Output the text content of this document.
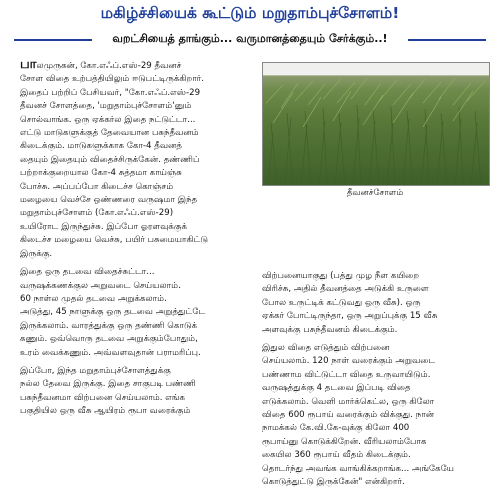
மகிழ்ச்சியைக் கூட்டும் மறுதாம்புச்சோளம்!
வறட்சியைத் தாங்கும்... வருமானத்தையும் சேர்க்கும்..!

பாலமுருகன், கோ.எஃப்.எஸ்-29 தீவனச்
சோள விதை உற்பத்தியிலும் ஈடுபட்டிருக்கிறார்.
இதைப் பற்றிப் பேசியவர், "கோ.எஃப்.எஸ்-29
தீவனச் சோளத்தை, 'மறுதாம்புச்சோளம்'னும்
சொல்வாங்க. ஒரு ஏக்கர்ல இதை நட்டுட்டா...
எட்டு மாடுகளுக்குத் தேவையான பசுந்தீவனம்
கிடைக்கும். மாடுகளுக்காக கோ-4 தீவனத்
தையும் இதையும் விதைச்சிருக்கேன். தண்ணிப்
பற்றாக்குறையால கோ-4 சுத்தமா காய்ஞ்சு
போச்சு. அப்பப்போ கிடைச்ச கொஞ்சம்
மழையை வெச்சே ஒண்ணரை வருஷமா இந்த
மறுதாம்புச்சோளம் (கோ.எஃப்.எஸ்-29)
உயிரோட இருந்துச்சு. இப்போ ஓரளவுக்குக்
கிடைச்ச மழையை வெச்சு, பயிர் பசுமையாகிட்டு
இருக்கு.

இதை ஒரு தடவை விதைச்சுட்டா...
வருஷக்கணக்குல அறுவடை செய்யலாம்.
60 நாள்ல முதல் தடவை அறுக்கலாம்.
அடுத்து, 45 நாளுக்கு ஒரு தடவை அறுத்துட்டே
இருக்கலாம். வாரத்துக்கு ஒரு தண்ணி கொடுக்
கணும். ஒவ்வொரு தடவை அறுக்கும்போதும்,
உரம் வைக்கணும். அவ்வளவுதான் பராமரிப்பு.

இப்போ, இந்த மறுதாம்புச்சோளத்துக்கு
நல்ல தேவை இருக்கு. இதை சாகுபடி பண்ணி
பசுந்தீவனமா விற்பனை செய்யலாம். எங்க
பகுதியில ஒரு வீசு ஆயிரம் ரூபா வரைக்கும்

தீவனச்சோளம்

விற்பனையாகுது (பத்து முழ நீள கயிறை
விரிச்சு, அதில் தீவனத்தை அடுக்கி உருளை
போல உருட்டிக் கட்டுவது ஒரு வீசு). ஒரு
ஏக்கர் போட்டிருந்தா, ஒரு அறுப்புக்கு 15 வீசு
அளவுக்கு பசுந்தீவனம் கிடைக்கும்.

இதுல விதை எடுத்தும் விற்பனை
செய்யலாம். 120 நாள் வரைக்கும் அறுவடை
பண்ணாம விட்டுட்டா விதை உருவாயிடும்.
வருஷத்துக்கு 4 தடவை இப்படி விதை
எடுக்கலாம். வெளி மார்க்கெட்ல, ஒரு கிலோ
விதை 600 ரூபாய் வரைக்கும் விக்குது. நான்
நாமக்கல் கே.வி.கே-வுக்கு கிலோ 400
ரூபாய்னு கொடுக்கிறேன். வீரியலாம்போக
கையில 360 ரூபாய் வீதம் கிடைக்கும்.
தொடர்ந்து அவங்க வாங்கிக்கறாங்க... அங்கேயே
கொடுத்துட்டு இருக்கேன்" என்கிறார்.
